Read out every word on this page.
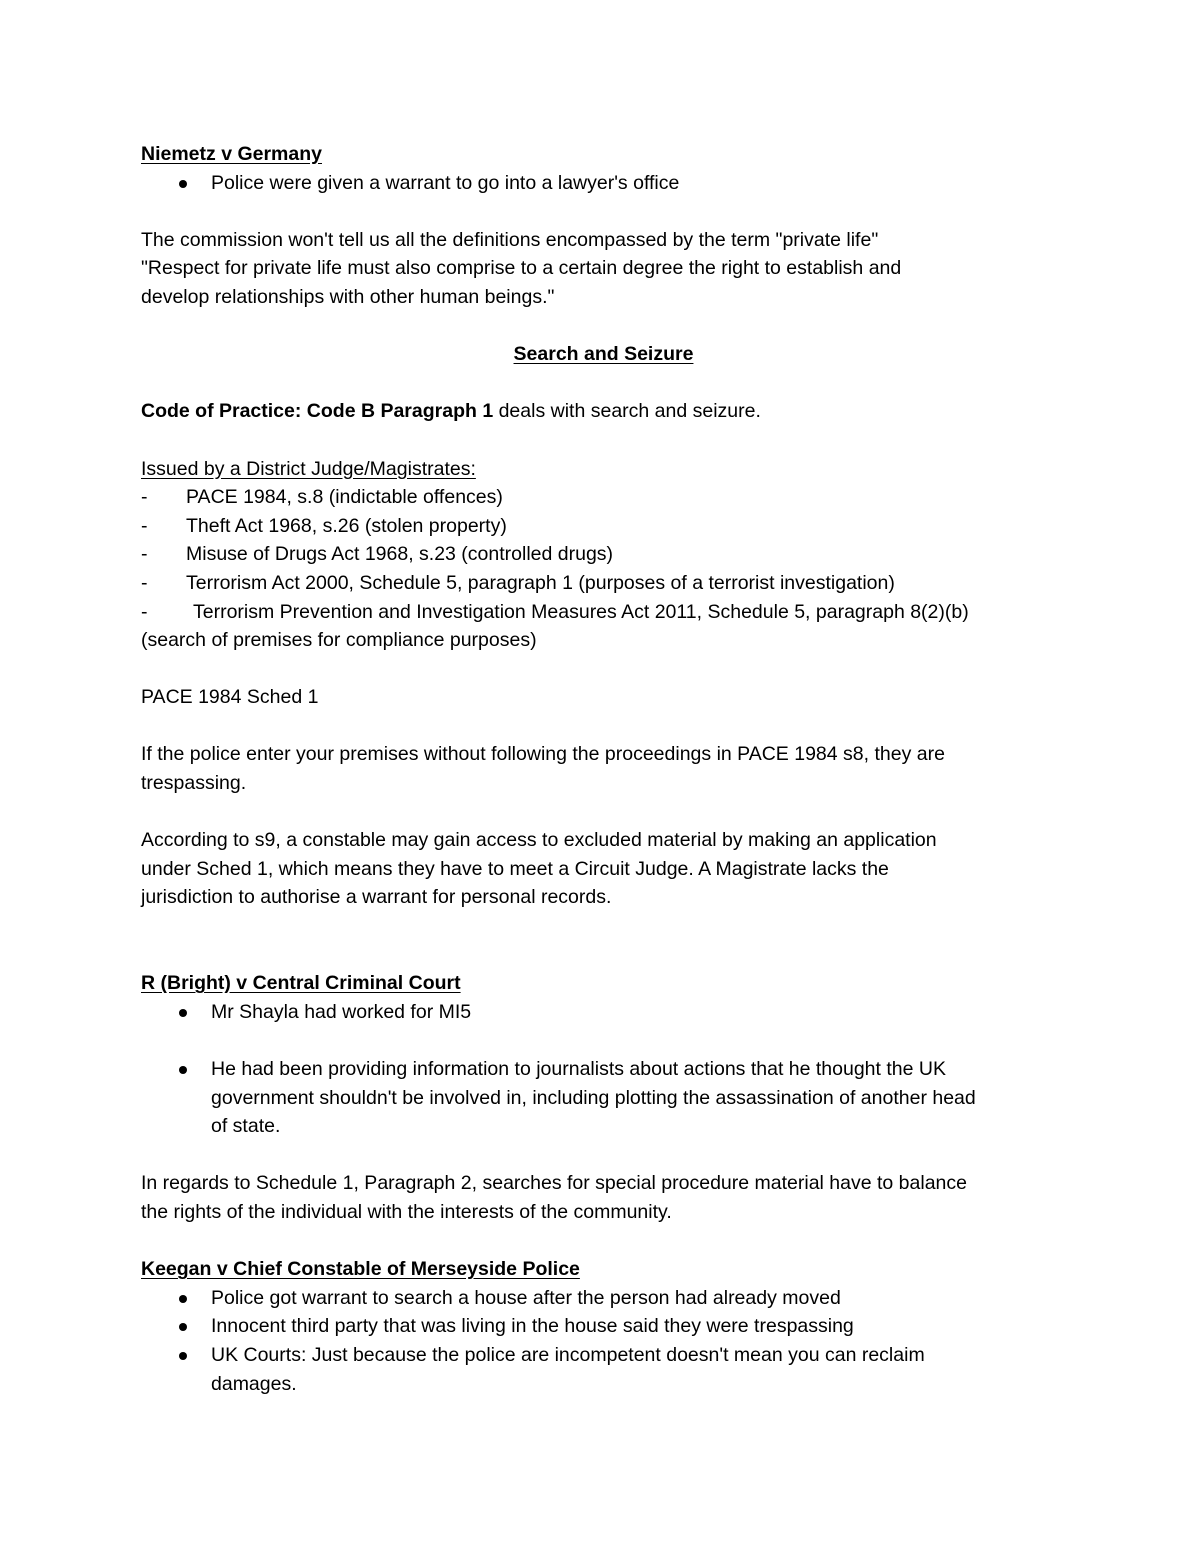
Niemetz v Germany
Police were given a warrant to go into a lawyer's office
The commission won't tell us all the definitions encompassed by the term "private life"
"Respect for private life must also comprise to a certain degree the right to establish and
develop relationships with other human beings."
Search and Seizure
Code of Practice: Code B Paragraph 1 deals with search and seizure.
Issued by a District Judge/Magistrates:
- PACE 1984, s.8 (indictable offences)
- Theft Act 1968, s.26 (stolen property)
- Misuse of Drugs Act 1968, s.23 (controlled drugs)
- Terrorism Act 2000, Schedule 5, paragraph 1 (purposes of a terrorist investigation)
- Terrorism Prevention and Investigation Measures Act 2011, Schedule 5, paragraph 8(2)(b)
(search of premises for compliance purposes)
PACE 1984 Sched 1
If the police enter your premises without following the proceedings in PACE 1984 s8, they are
trespassing.
According to s9, a constable may gain access to excluded material by making an application
under Sched 1, which means they have to meet a Circuit Judge. A Magistrate lacks the
jurisdiction to authorise a warrant for personal records.
R (Bright) v Central Criminal Court
Mr Shayla had worked for MI5
He had been providing information to journalists about actions that he thought the UK
government shouldn't be involved in, including plotting the assassination of another head
of state.
In regards to Schedule 1, Paragraph 2, searches for special procedure material have to balance
the rights of the individual with the interests of the community.
Keegan v Chief Constable of Merseyside Police
Police got warrant to search a house after the person had already moved
Innocent third party that was living in the house said they were trespassing
UK Courts: Just because the police are incompetent doesn't mean you can reclaim
damages.
